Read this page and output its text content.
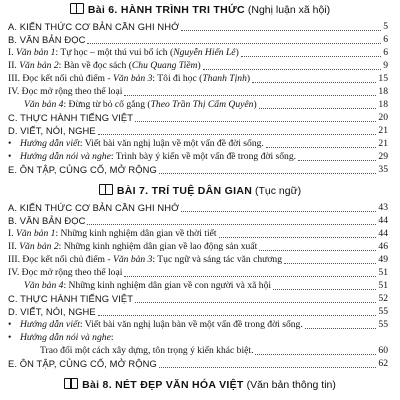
Bài 6. HÀNH TRÌNH TRI THỨC (Nghị luận xã hội)
A. KIẾN THỨC CƠ BẢN CẦN GHI NHỚ	5
B. VĂN BẢN ĐỌC	6
I. Văn bản 1: Tự học – một thú vui bổ ích (Nguyễn Hiến Lê)	6
II. Văn bản 2: Bàn về đọc sách (Chu Quang Tiềm)	9
III. Đọc kết nối chủ điểm - Văn bản 3: Tôi đi học (Thanh Tịnh)	15
IV. Đọc mở rộng theo thể loại	18
Văn bản 4: Đừng từ bỏ cố gắng (Theo Trần Thị Cẩm Quyên)	18
C. THỰC HÀNH TIẾNG VIỆT	20
D. VIẾT, NÓI, NGHE	21
• Hướng dẫn viết: Viết bài văn nghị luận về một vấn đề đời sống.	21
• Hướng dẫn nói và nghe: Trình bày ý kiến về một vấn đề trong đời sống.	29
E. ÔN TẬP, CỦNG CỐ, MỞ RỘNG	35
BÀI 7. TRÍ TUỆ DÂN GIAN (Tục ngữ)
A. KIẾN THỨC CƠ BẢN CẦN GHI NHỚ	43
B. VĂN BẢN ĐỌC	44
I. Văn bản 1: Những kinh nghiệm dân gian về thời tiết	44
II. Văn bản 2: Những kinh nghiệm dân gian về lao động sản xuất	46
III. Đọc kết nối chủ điểm - Văn bản 3: Tục ngữ và sáng tác văn chương	49
IV. Đọc mở rộng theo thể loại	51
Văn bản 4: Những kinh nghiệm dân gian về con người và xã hội	51
C. THỰC HÀNH TIẾNG VIỆT	52
D. VIẾT, NÓI, NGHE	55
• Hướng dẫn viết: Viết bài văn nghị luận bàn về một vấn đề trong đời sống.	55
• Hướng dẫn nói và nghe:
Trao đổi một cách xây dựng, tôn trọng ý kiến khác biệt.	60
E. ÔN TẬP, CỦNG CỐ, MỞ RỘNG	62
Bài 8. NÉT ĐẸP VĂN HÓA VIỆT (Văn bản thông tin)
